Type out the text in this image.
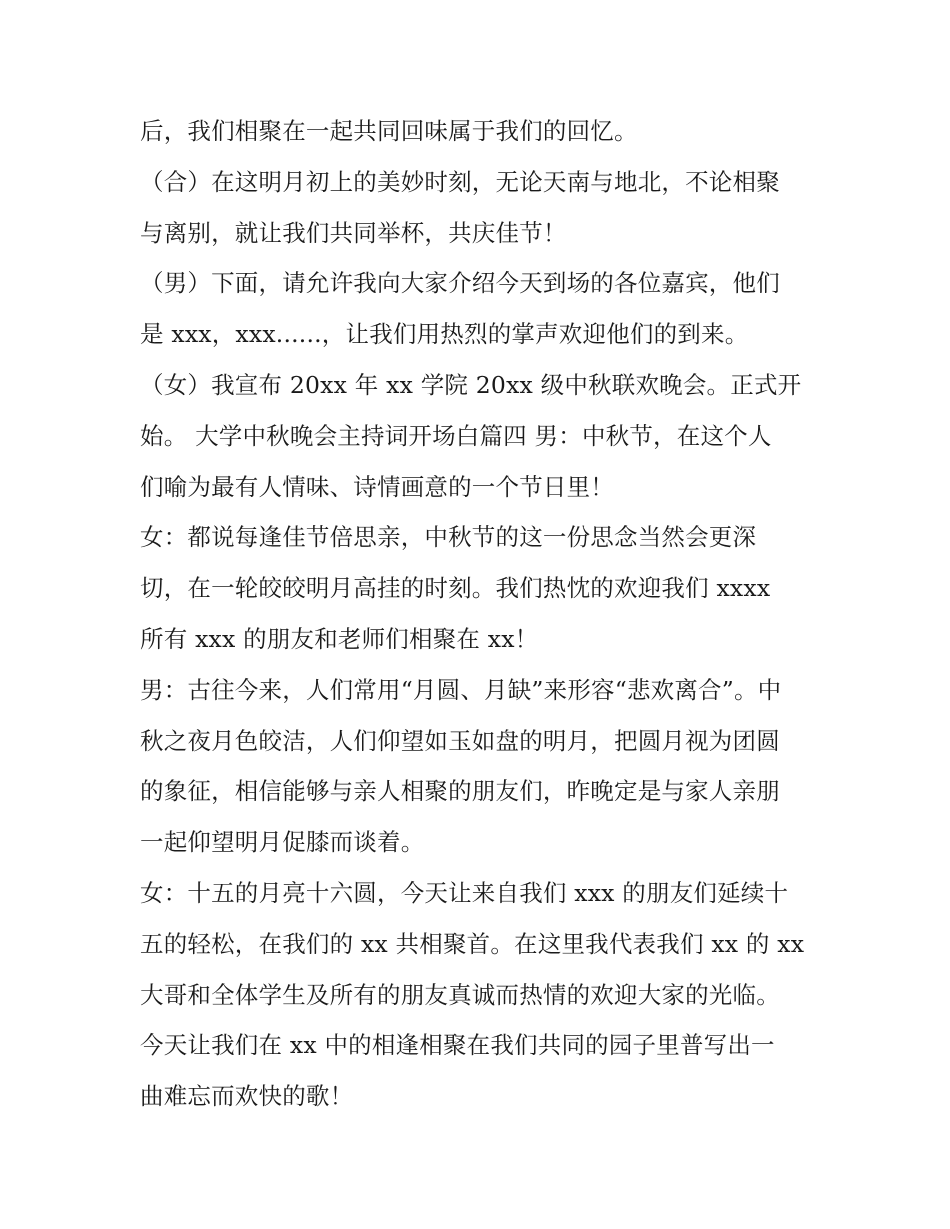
后，我们相聚在一起共同回味属于我们的回忆。
（合）在这明月初上的美妙时刻，无论天南与地北，不论相聚
与离别，就让我们共同举杯，共庆佳节！
（男）下面，请允许我向大家介绍今天到场的各位嘉宾，他们
是 xxx，xxx......，让我们用热烈的掌声欢迎他们的到来。
（女）我宣布 20xx 年 xx 学院 20xx 级中秋联欢晚会。正式开
始。 大学中秋晚会主持词开场白篇四 男：中秋节，在这个人
们喻为最有人情味、诗情画意的一个节日里！
女：都说每逢佳节倍思亲，中秋节的这一份思念当然会更深
切，在一轮皎皎明月高挂的时刻。我们热忱的欢迎我们 xxxx
所有 xxx 的朋友和老师们相聚在 xx！
男：古往今来，人们常用“月圆、月缺”来形容“悲欢离合”。中
秋之夜月色皎洁，人们仰望如玉如盘的明月，把圆月视为团圆
的象征，相信能够与亲人相聚的朋友们，昨晚定是与家人亲朋
一起仰望明月促膝而谈着。
女：十五的月亮十六圆，今天让来自我们 xxx 的朋友们延续十
五的轻松，在我们的 xx 共相聚首。在这里我代表我们 xx 的 xx
大哥和全体学生及所有的朋友真诚而热情的欢迎大家的光临。
今天让我们在 xx 中的相逢相聚在我们共同的园子里普写出一
曲难忘而欢快的歌！
